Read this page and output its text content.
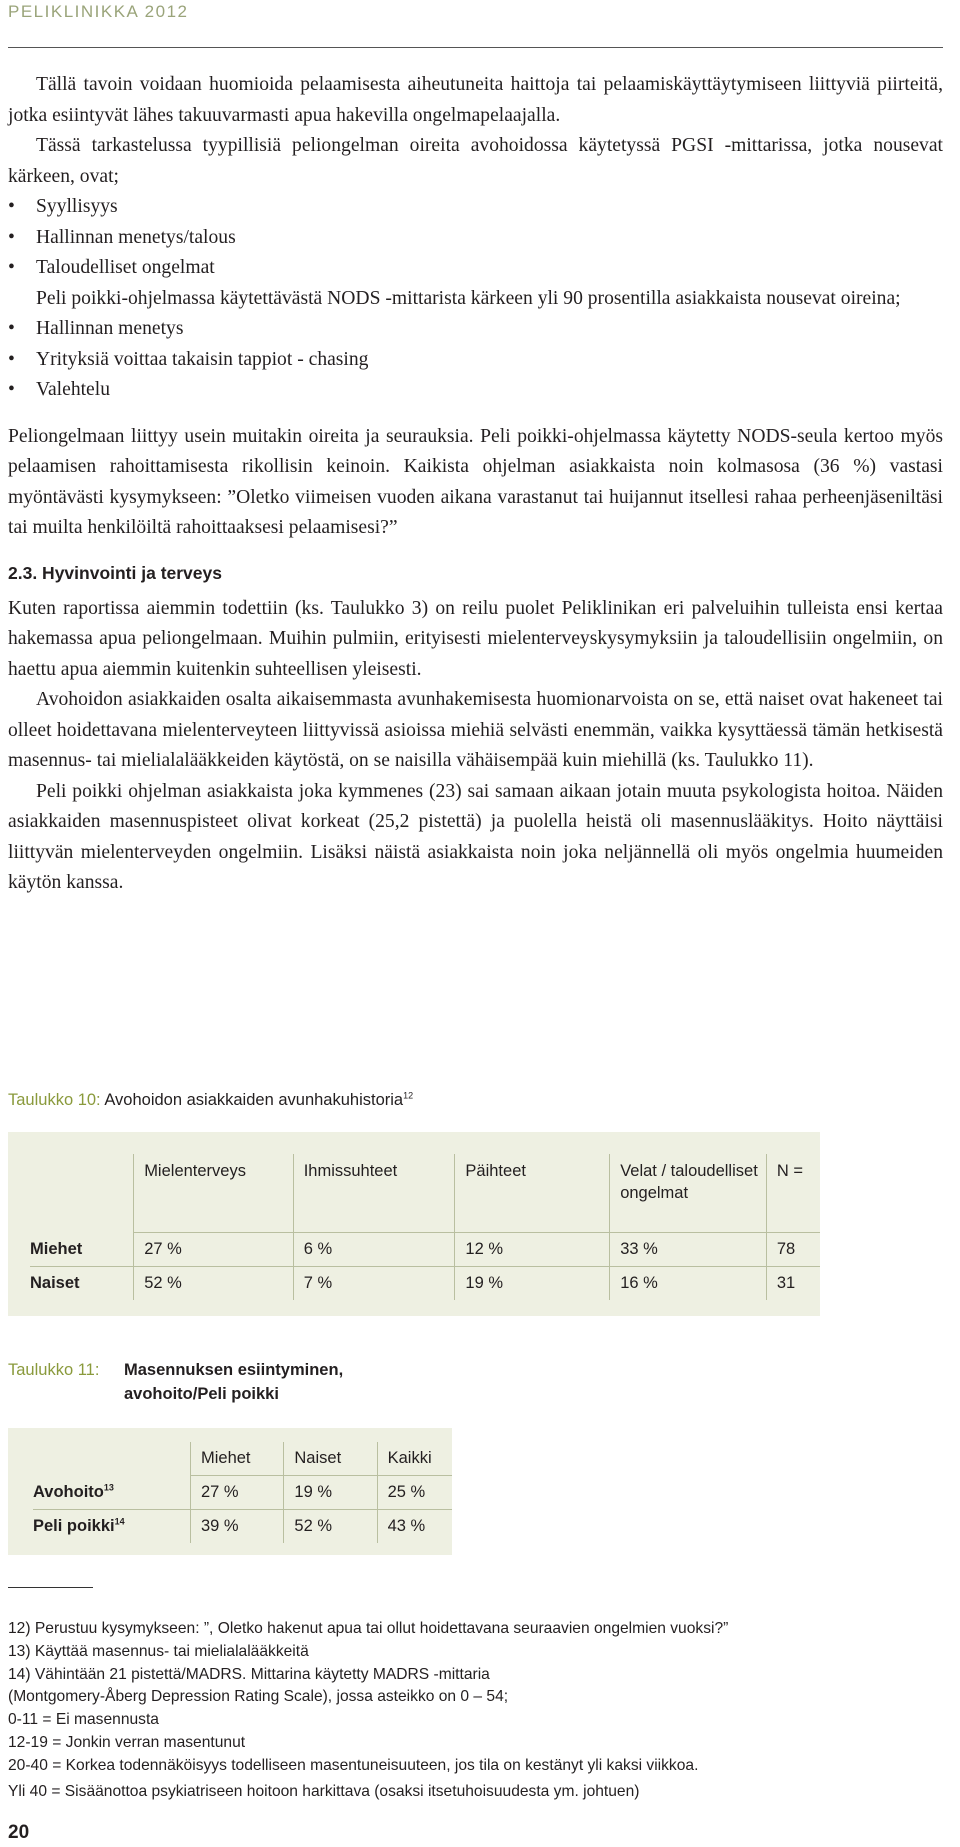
PELIKLINIKKA 2012

Tällä tavoin voidaan huomioida pelaamisesta aiheutuneita haittoja tai pelaamiskäyttäytymiseen liittyviä piirteitä, jotka esiintyvät lähes takuuvarmasti apua hakevilla ongelmapelaajalla.

Tässä tarkastelussa tyypillisiä peliongelman oireita avohoidossa käytetyssä PGSI -mittarissa, jotka nousevat kärkeen, ovat;

• Syyllisyys
• Hallinnan menetys/talous
• Taloudelliset ongelmat

Peli poikki-ohjelmassa käytettävästä NODS -mittarista kärkeen yli 90 prosentilla asiakkaista nousevat oireina;

• Hallinnan menetys
• Yrityksiä voittaa takaisin tappiot - chasing
• Valehtelu

Peliongelmaan liittyy usein muitakin oireita ja seurauksia. Peli poikki-ohjelmassa käytetty NODS-seula kertoo myös pelaamisen rahoittamisesta rikollisin keinoin. Kaikista ohjelman asiakkaista noin kolmasosa (36 %) vastasi myöntävästi kysymykseen: ”Oletko viimeisen vuoden aikana varastanut tai huijannut itsellesi rahaa perheenjäseniltäsi tai muilta henkilöiltä rahoittaaksesi pelaamisesi?”

2.3. Hyvinvointi ja terveys

Kuten raportissa aiemmin todettiin (ks. Taulukko 3) on reilu puolet Peliklinikan eri palveluihin tulleista ensi kertaa hakemassa apua peliongelmaan. Muihin pulmiin, erityisesti mielenterveyskysymyksiin ja taloudellisiin ongelmiin, on haettu apua aiemmin kuitenkin suhteellisen yleisesti.

Avohoidon asiakkaiden osalta aikaisemmasta avunhakemisesta huomionarvoista on se, että naiset ovat hakeneet tai olleet hoidettavana mielenterveyteen liittyvissä asioissa miehiä selvästi enemmän, vaikka kysyttäessä tämän hetkisestä masennus- tai mielialalääkkeiden käytöstä, on se naisilla vähäisempää kuin miehillä (ks. Taulukko 11).

Peli poikki ohjelman asiakkaista joka kymmenes (23) sai samaan aikaan jotain muuta psykologista hoitoa. Näiden asiakkaiden masennuspisteet olivat korkeat (25,2 pistettä) ja puolella heistä oli masennuslääkitys. Hoito näyttäisi liittyvän mielenterveyden ongelmiin. Lisäksi näistä asiakkaista noin joka neljännellä oli myös ongelmia huumeiden käytön kanssa.

Taulukko 10: Avohoidon asiakkaiden avunhakuhistoria$^{12}$
	Mielenterveys	Ihmissuhteet	Päihteet	Velat / taloudelliset ongelmat	N =
Miehet	27 %	6 %	12 %	33 %	78
Naiset	52 %	7 %	19 %	16 %	31
Taulukko 11: Masennuksen esiintyminen,
avohoito/Peli poikki
	Miehet	Naiset	Kaikki
Avohoito$^{13}$	27 %	19 %	25 %
Peli poikki$^{14}$	39 %	52 %	43 %
12) Perustuu kysymykseen: ”, Oletko hakenut apua tai ollut hoidettavana seuraavien ongelmien vuoksi?”
13) Käyttää masennus- tai mielialalääkkeitä
14) Vähintään 21 pistettä/MADRS. Mittarina käytetty MADRS -mittaria
(Montgomery-Åberg Depression Rating Scale), jossa asteikko on 0 – 54;
0-11 = Ei masennusta
12-19 = Jonkin verran masentunut
20-40 = Korkea todennäköisyys todelliseen masentuneisuuteen, jos tila on kestänyt yli kaksi viikkoa.
Yli 40 = Sisäänottoa psykiatriseen hoitoon harkittava (osaksi itsetuhoisuudesta ym. johtuen)
20
